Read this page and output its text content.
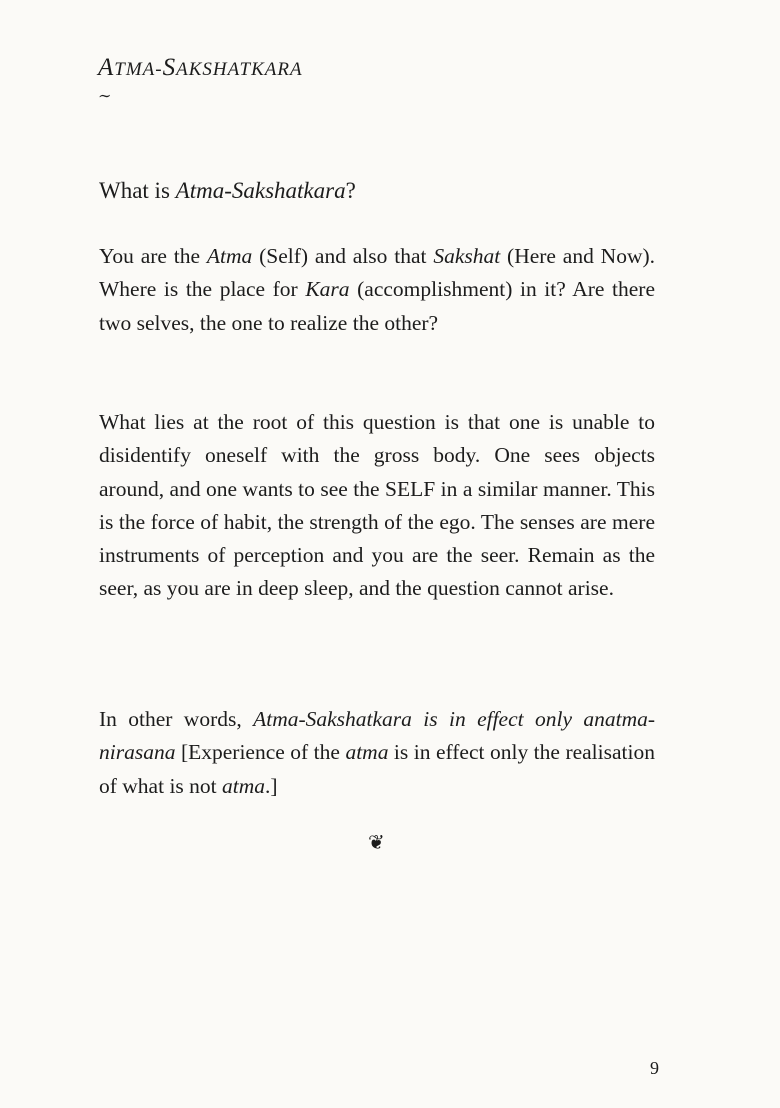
ATMA-SAKSHATKARA
∼
What is Atma-Sakshatkara?
You are the Atma (Self) and also that Sakshat (Here and Now). Where is the place for Kara (accomplishment) in it? Are there two selves, the one to realize the other?
What lies at the root of this question is that one is unable to disidentify oneself with the gross body. One sees objects around, and one wants to see the SELF in a similar manner. This is the force of habit, the strength of the ego. The senses are mere instruments of perception and you are the seer. Remain as the seer, as you are in deep sleep, and the question cannot arise.
In other words, Atma-Sakshatkara is in effect only anatma-nirasana [Experience of the atma is in effect only the realisation of what is not atma.]
❦
9
